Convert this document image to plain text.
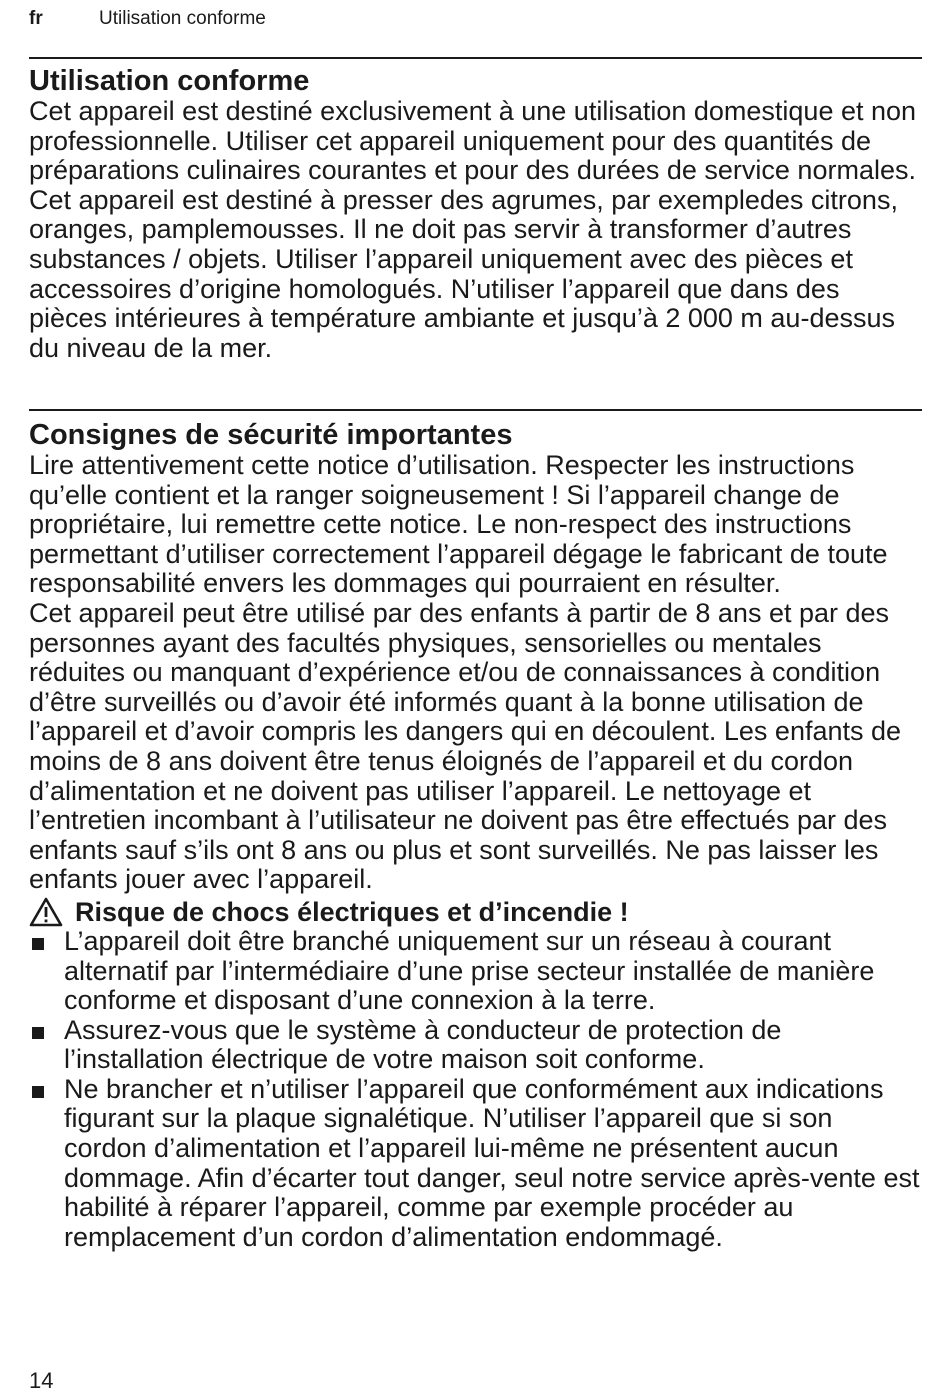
fr	Utilisation conforme
Utilisation conforme

Cet appareil est destiné exclusivement à une utilisation domestique et non professionnelle. Utiliser cet appareil uniquement pour des quantités de préparations culinaires courantes et pour des durées de service normales. Cet appareil est destiné à presser des agrumes, par exempledes citrons, oranges, pamplemousses. Il ne doit pas servir à transformer d’autres substances / objets. Utiliser l’appareil uniquement avec des pièces et accessoires d’origine homologués. N’utiliser l’appareil que dans des pièces intérieures à température ambiante et jusqu’à 2 000 m au-dessus du niveau de la mer.

Consignes de sécurité importantes

Lire attentivement cette notice d’utilisation. Respecter les instructions qu’elle contient et la ranger soigneusement ! Si l’appareil change de propriétaire, lui remettre cette notice. Le non-respect des instructions permettant d’utiliser correctement l’appareil dégage le fabricant de toute responsabilité envers les dommages qui pourraient en résulter.

Cet appareil peut être utilisé par des enfants à partir de 8 ans et par des personnes ayant des facultés physiques, sensorielles ou mentales réduites ou manquant d’expérience et/ou de connaissances à condition d’être surveillés ou d’avoir été informés quant à la bonne utilisation de l’appareil et d’avoir compris les dangers qui en découlent. Les enfants de moins de 8 ans doivent être tenus éloignés de l’appareil et du cordon d’alimentation et ne doivent pas utiliser l’appareil. Le nettoyage et l’entretien incombant à l’utilisateur ne doivent pas être effectués par des enfants sauf s’ils ont 8 ans ou plus et sont surveillés. Ne pas laisser les enfants jouer avec l’appareil.

Risque de chocs électriques et d’incendie !
L’appareil doit être branché uniquement sur un réseau à courant alternatif par l’intermédiaire d’une prise secteur installée de manière conforme et disposant d’une connexion à la terre.
Assurez-vous que le système à conducteur de protection de l’installation électrique de votre maison soit conforme.
Ne brancher et n’utiliser l’appareil que conformément aux indications figurant sur la plaque signalétique. N’utiliser l’appareil que si son cordon d’alimentation et l’appareil lui-même ne présentent aucun dommage. Afin d’écarter tout danger, seul notre service après-vente est habilité à réparer l’appareil, comme par exemple procéder au remplacement d’un cordon d’alimentation endommagé.
14
